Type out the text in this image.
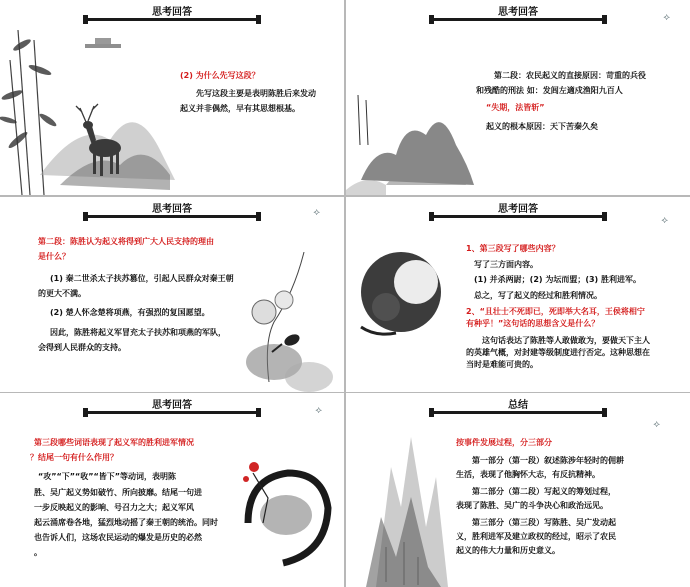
思考回答
(2) 为什么先写这段？
先写这段主要是表明陈胜后来发动
起义并非偶然，早有其思想根基。
思考回答	⟡
第二段：农民起义的直接原因：苛重的兵役
和残酷的刑法 如：发闾左適戍渔阳九百人
“失期，法皆斩”
起义的根本原因：天下苦秦久矣
思考回答	⟡
第二段：陈胜认为起义将得到广大人民支持的理由
是什么？
(1) 秦二世杀太子扶苏篡位，引起人民群众对秦王朝
的更大不满。
(2) 楚人怀念楚将项燕，有强烈的复国愿望。
因此，陈胜将起义军冒充太子扶苏和项燕的军队，
会得到人民群众的支持。
思考回答
⟡
1、第三段写了哪些内容？
写了三方面内容。
(1) 并杀两尉；(2) 为坛而盟；(3) 胜利进军。
总之，写了起义的经过和胜利情况。
2、“且壮士不死即已，死即举大名耳，王侯将相宁
有种乎！”这句话的思想含义是什么？
这句话表达了陈胜等人敢做敢为，要做天下主人
的英雄气概，对封建等级制度进行否定。这种思想在
当时是难能可贵的。
思考回答	⟡
第三段哪些词语表现了起义军的胜利进军情况
？结尾一句有什么作用？
“攻”“下”“收”“皆下”等动词，表明陈
胜、吴广起义势如破竹、所向披靡。结尾一句进
一步反映起义的影响、号召力之大；起义军风
起云涌席卷各地，猛烈地动摇了秦王朝的统治。同时
也告诉人们，这场农民运动的爆发是历史的必然
。
总结
⟡
按事件发展过程，分三部分
第一部分（第一段）叙述陈涉年轻时的佣耕
生活，表现了他胸怀大志，有反抗精神。
第二部分（第二段）写起义的筹划过程，
表现了陈胜、吴广的斗争决心和政治远见。
第三部分（第三段）写陈胜、吴广发动起
义，胜利进军及建立政权的经过，昭示了农民
起义的伟大力量和历史意义。
